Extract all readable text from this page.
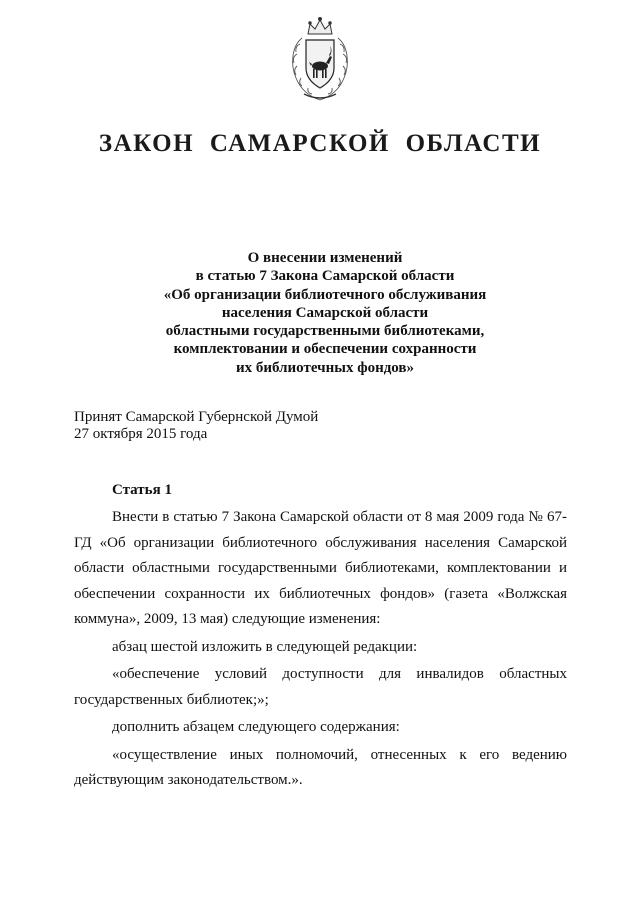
ЗАКОН САМАРСКОЙ ОБЛАСТИ
О внесении изменений
в статью 7 Закона Самарской области
«Об организации библиотечного обслуживания
населения Самарской области
областными государственными библиотеками,
комплектовании и обеспечении сохранности
их библиотечных фондов»
Принят Самарской Губернской Думой
27 октября 2015 года
Статья 1

Внести в статью 7 Закона Самарской области от 8 мая 2009 года № 67-ГД «Об организации библиотечного обслуживания населения Самарской области областными государственными библиотеками, комплектовании и обеспечении сохранности их библиотечных фондов» (газета «Волжская коммуна», 2009, 13 мая) следующие изменения:

абзац шестой изложить в следующей редакции:

«обеспечение условий доступности для инвалидов областных государственных библиотек;»;

дополнить абзацем следующего содержания:

«осуществление иных полномочий, отнесенных к его ведению действующим законодательством.».
